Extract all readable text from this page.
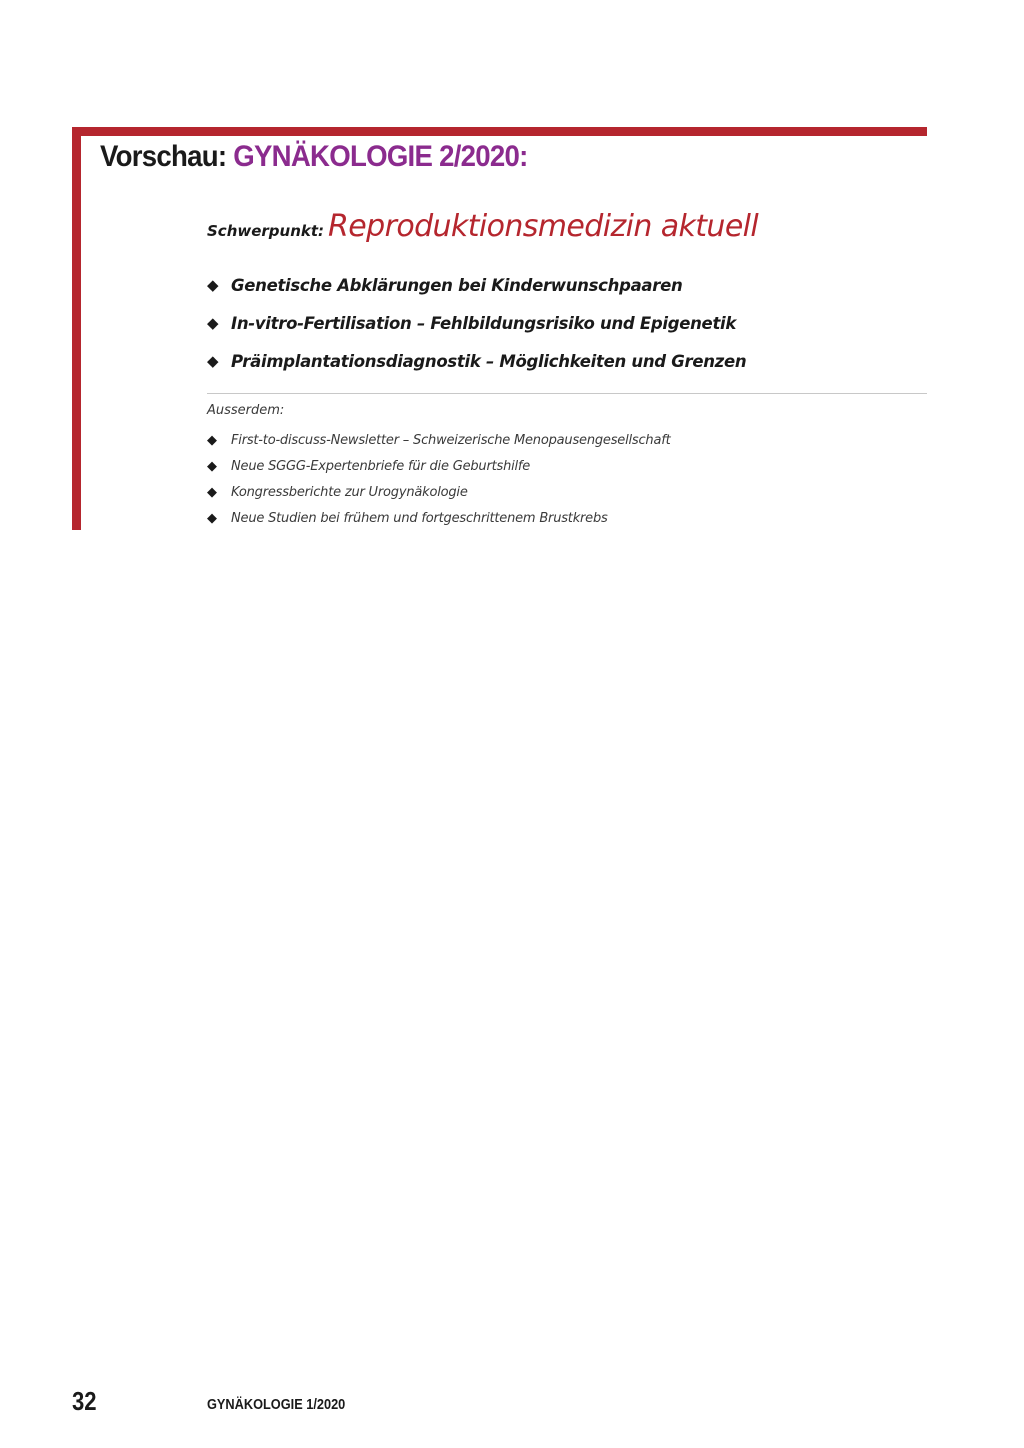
Vorschau: GYNÄKOLOGIE 2/2020:
Schwerpunkt: Reproduktionsmedizin aktuell
◆ Genetische Abklärungen bei Kinderwunschpaaren
◆ In-vitro-Fertilisation – Fehlbildungsrisiko und Epigenetik
◆ Präimplantationsdiagnostik – Möglichkeiten und Grenzen
Ausserdem:
◆	First-to-discuss-Newsletter – Schweizerische Menopausengesellschaft
◆	Neue SGGG-Expertenbriefe für die Geburtshilfe
◆	Kongressberichte zur Urogynäkologie
◆	Neue Studien bei frühem und fortgeschrittenem Brustkrebs
32	GYNÄKOLOGIE 1/2020
